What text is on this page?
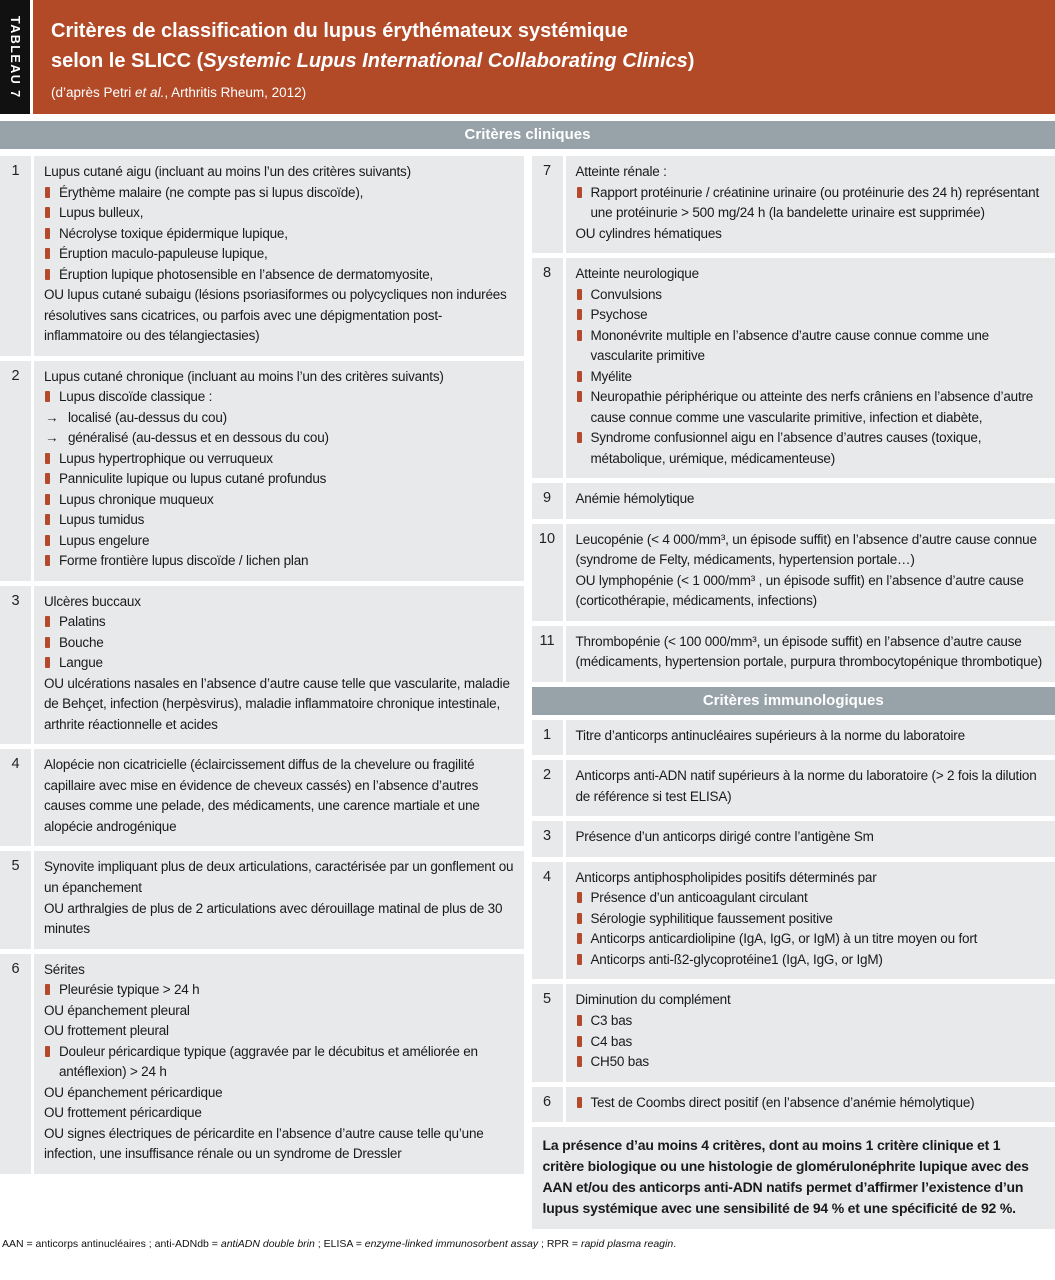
TABLEAU 7	Critères de classification du lupus érythémateux systémique
selon le SLICC (Systemic Lupus International Collaborating Clinics)
(d’après Petri et al., Arthritis Rheum, 2012)
Critères cliniques
1	Lupus cutané aigu (incluant au moins l’un des critères suivants)
Érythème malaire (ne compte pas si lupus discoïde),
Lupus bulleux,
Nécrolyse toxique épidermique lupique,
Éruption maculo-papuleuse lupique,
Éruption lupique photosensible en l’absence de dermatomyosite,
OU lupus cutané subaigu (lésions psoriasiformes ou polycycliques non indurées résolutives sans cicatrices, ou parfois avec une dépigmentation post-inflammatoire ou des télangiectasies)
2	Lupus cutané chronique (incluant au moins l’un des critères suivants)
Lupus discoïde classique :
→ localisé (au-dessus du cou)
→ généralisé (au-dessus et en dessous du cou)
Lupus hypertrophique ou verruqueux
Panniculite lupique ou lupus cutané profundus
Lupus chronique muqueux
Lupus tumidus
Lupus engelure
Forme frontière lupus discoïde / lichen plan
3	Ulcères buccaux
Palatins
Bouche
Langue
OU ulcérations nasales en l’absence d’autre cause telle que vascularite, maladie de Behçet, infection (herpèsvirus), maladie inflammatoire chronique intestinale, arthrite réactionnelle et acides
4	Alopécie non cicatricielle (éclaircissement diffus de la chevelure ou fragilité capillaire avec mise en évidence de cheveux cassés) en l’absence d’autres causes comme une pelade, des médicaments, une carence martiale et une alopécie androgénique
5	Synovite impliquant plus de deux articulations, caractérisée par un gonflement ou un épanchement
OU arthralgies de plus de 2 articulations avec dérouillage matinal de plus de 30 minutes
6	Sérites
Pleurésie typique > 24 h
OU épanchement pleural
OU frottement pleural
Douleur péricardique typique (aggravée par le décubitus et améliorée en antéflexion) > 24 h
OU épanchement péricardique
OU frottement péricardique
OU signes électriques de péricardite en l’absence d’autre cause telle qu’une infection, une insuffisance rénale ou un syndrome de Dressler
7	Atteinte rénale :
Rapport protéinurie / créatinine urinaire (ou protéinurie des 24 h) représentant une protéinurie > 500 mg/24 h (la bandelette urinaire est supprimée)
OU cylindres hématiques
8	Atteinte neurologique
Convulsions
Psychose
Mononévrite multiple en l’absence d’autre cause connue comme une vascularite primitive
Myélite
Neuropathie périphérique ou atteinte des nerfs crâniens en l’absence d’autre cause connue comme une vascularite primitive, infection et diabète,
Syndrome confusionnel aigu en l’absence d’autres causes (toxique, métabolique, urémique, médicamenteuse)
9	Anémie hémolytique
10	Leucopénie (< 4 000/mm³, un épisode suffit) en l’absence d’autre cause connue (syndrome de Felty, médicaments, hypertension portale…)
OU lymphopénie (< 1 000/mm³ , un épisode suffit) en l’absence d’autre cause (corticothérapie, médicaments, infections)
11	Thrombopénie (< 100 000/mm³, un épisode suffit) en l’absence d’autre cause (médicaments, hypertension portale, purpura thrombocytopénique thrombotique)
Critères immunologiques
1	Titre d’anticorps antinucléaires supérieurs à la norme du laboratoire
2	Anticorps anti-ADN natif supérieurs à la norme du laboratoire (> 2 fois la dilution de référence si test ELISA)
3	Présence d’un anticorps dirigé contre l’antigène Sm
4	Anticorps antiphospholipides positifs déterminés par
Présence d’un anticoagulant circulant
Sérologie syphilitique faussement positive
Anticorps anticardiolipine (IgA, IgG, or IgM) à un titre moyen ou fort
Anticorps anti-ß2-glycoprotéine1 (IgA, IgG, or IgM)
5	Diminution du complément
C3 bas
C4 bas
CH50 bas
6	Test de Coombs direct positif (en l’absence d’anémie hémolytique)
La présence d’au moins 4 critères, dont au moins 1 critère clinique et 1 critère biologique ou une histologie de glomérulonéphrite lupique avec des AAN et/ou des anticorps anti-ADN natifs permet d’affirmer l’existence d’un lupus systémique avec une sensibilité de 94 % et une spécificité de 92 %.
AAN = anticorps antinucléaires ; anti-ADNdb = antiADN double brin ; ELISA = enzyme-linked immunosorbent assay ; RPR = rapid plasma reagin.
